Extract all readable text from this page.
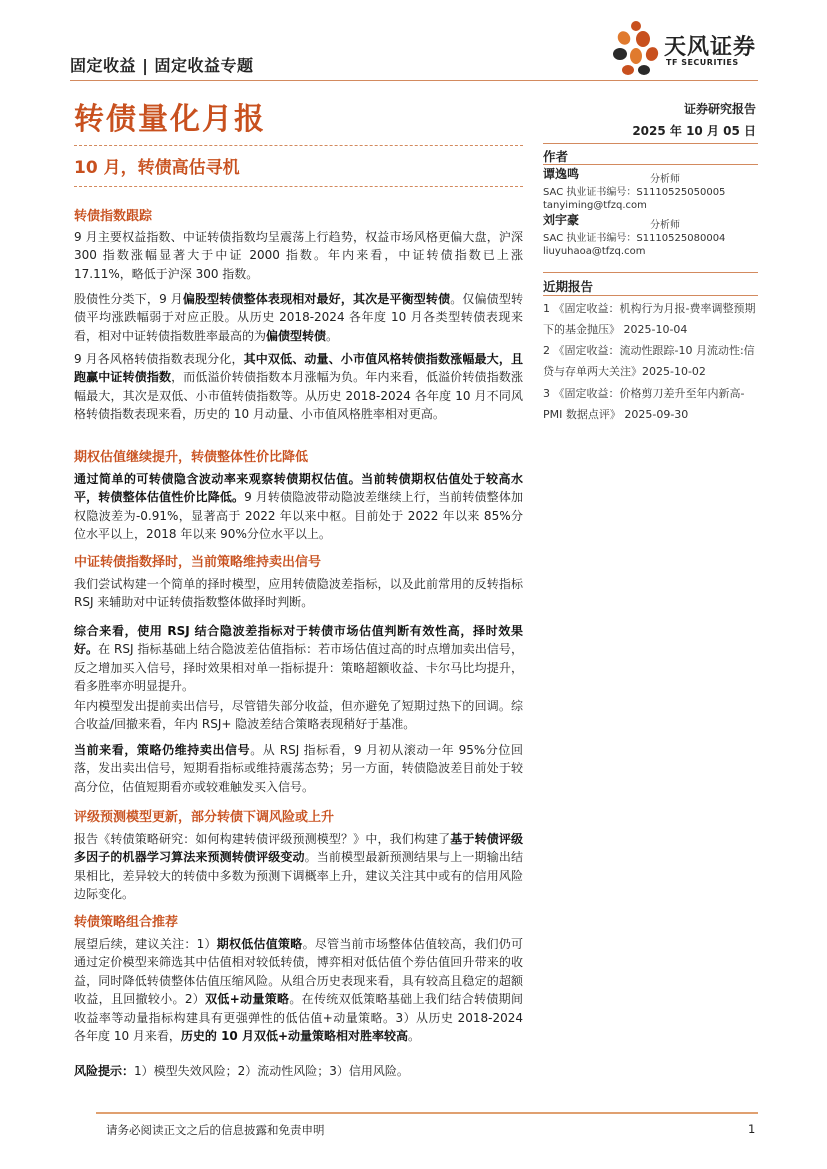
固定收益 | 固定收益专题
天风证券
TF SECURITIES
转债量化月报	证券研究报告
2025 年 10 月 05 日
10 月，转债高估寻机
作者
谭逸鸣	分析师
SAC 执业证书编号：S1110525050005
tanyiming@tfzq.com
刘宇豪	分析师
SAC 执业证书编号：S1110525080004
liuyuhaoa@tfzq.com
近期报告
1 《固定收益：机构行为月报-费率调整预期下的基金抛压》 2025-10-04
2 《固定收益：流动性跟踪-10 月流动性:信贷与存单两大关注》2025-10-02
3 《固定收益：价格剪刀差升至年内新高-PMI 数据点评》 2025-09-30
转债指数跟踪
9 月主要权益指数、中证转债指数均呈震荡上行趋势，权益市场风格更偏大盘，沪深 300 指数涨幅显著大于中证 2000 指数。年内来看，中证转债指数已上涨 17.11%，略低于沪深 300 指数。
股债性分类下，9 月偏股型转债整体表现相对最好，其次是平衡型转债。仅偏债型转债平均涨跌幅弱于对应正股。从历史 2018-2024 各年度 10 月各类型转债表现来看，相对中证转债指数胜率最高的为偏债型转债。
9 月各风格转债指数表现分化，其中双低、动量、小市值风格转债指数涨幅最大，且跑赢中证转债指数，而低溢价转债指数本月涨幅为负。年内来看，低溢价转债指数涨幅最大，其次是双低、小市值转债指数等。从历史 2018-2024 各年度 10 月不同风格转债指数表现来看，历史的 10 月动量、小市值风格胜率相对更高。
期权估值继续提升，转债整体性价比降低
通过简单的可转债隐含波动率来观察转债期权估值。当前转债期权估值处于较高水平，转债整体估值性价比降低。9 月转债隐波带动隐波差继续上行，当前转债整体加权隐波差为-0.91%，显著高于 2022 年以来中枢。目前处于 2022 年以来 85%分位水平以上，2018 年以来 90%分位水平以上。
中证转债指数择时，当前策略维持卖出信号
我们尝试构建一个简单的择时模型，应用转债隐波差指标，以及此前常用的反转指标 RSJ 来辅助对中证转债指数整体做择时判断。
综合来看，使用 RSJ 结合隐波差指标对于转债市场估值判断有效性高，择时效果好。在 RSJ 指标基础上结合隐波差估值指标：若市场估值过高的时点增加卖出信号，反之增加买入信号，择时效果相对单一指标提升：策略超额收益、卡尔马比均提升，看多胜率亦明显提升。
年内模型发出提前卖出信号，尽管错失部分收益，但亦避免了短期过热下的回调。综合收益/回撤来看，年内 RSJ+ 隐波差结合策略表现稍好于基准。
当前来看，策略仍维持卖出信号。从 RSJ 指标看，9 月初从滚动一年 95%分位回落，发出卖出信号，短期看指标或维持震荡态势；另一方面，转债隐波差目前处于较高分位，估值短期看亦或较难触发买入信号。
评级预测模型更新，部分转债下调风险或上升
报告《转债策略研究：如何构建转债评级预测模型？》中，我们构建了基于转债评级多因子的机器学习算法来预测转债评级变动。当前模型最新预测结果与上一期输出结果相比，差异较大的转债中多数为预测下调概率上升，建议关注其中或有的信用风险边际变化。
转债策略组合推荐
展望后续，建议关注：1）期权低估值策略。尽管当前市场整体估值较高，我们仍可通过定价模型来筛选其中估值相对较低转债，博弈相对低估值个券估值回升带来的收益，同时降低转债整体估值压缩风险。从组合历史表现来看，具有较高且稳定的超额收益，且回撤较小。2）双低+动量策略。在传统双低策略基础上我们结合转债期间收益率等动量指标构建具有更强弹性的低估值+动量策略。3）从历史 2018-2024 各年度 10 月来看，历史的 10 月双低+动量策略相对胜率较高。
风险提示：1）模型失效风险；2）流动性风险；3）信用风险。
请务必阅读正文之后的信息披露和免责申明	1
